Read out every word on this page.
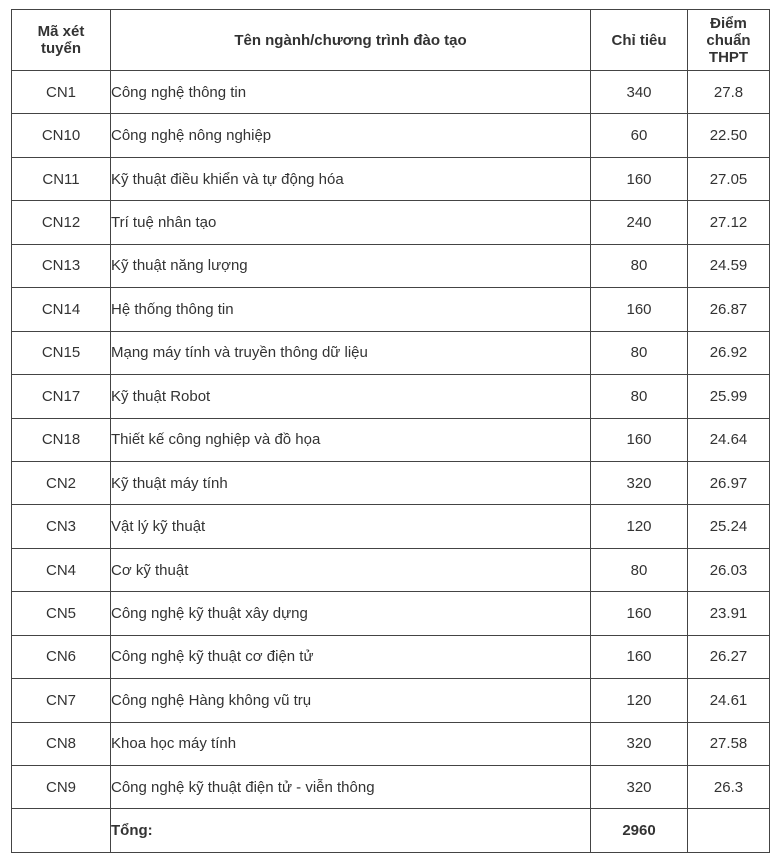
Mã xét tuyển	Tên ngành/chương trình đào tạo	Chỉ tiêu	Điểm chuẩn THPT

CN1	Công nghệ thông tin	340	27.8
CN10	Công nghệ nông nghiệp	60	22.50
CN11	Kỹ thuật điều khiển và tự động hóa	160	27.05
CN12	Trí tuệ nhân tạo	240	27.12
CN13	Kỹ thuật năng lượng	80	24.59
CN14	Hệ thống thông tin	160	26.87
CN15	Mạng máy tính và truyền thông dữ liệu	80	26.92
CN17	Kỹ thuật Robot	80	25.99
CN18	Thiết kế công nghiệp và đồ họa	160	24.64
CN2	Kỹ thuật máy tính	320	26.97
CN3	Vật lý kỹ thuật	120	25.24
CN4	Cơ kỹ thuật	80	26.03
CN5	Công nghệ kỹ thuật xây dựng	160	23.91
CN6	Công nghệ kỹ thuật cơ điện tử	160	26.27
CN7	Công nghệ Hàng không vũ trụ	120	24.61
CN8	Khoa học máy tính	320	27.58
CN9	Công nghệ kỹ thuật điện tử - viễn thông	320	26.3
	Tổng:	2960	
